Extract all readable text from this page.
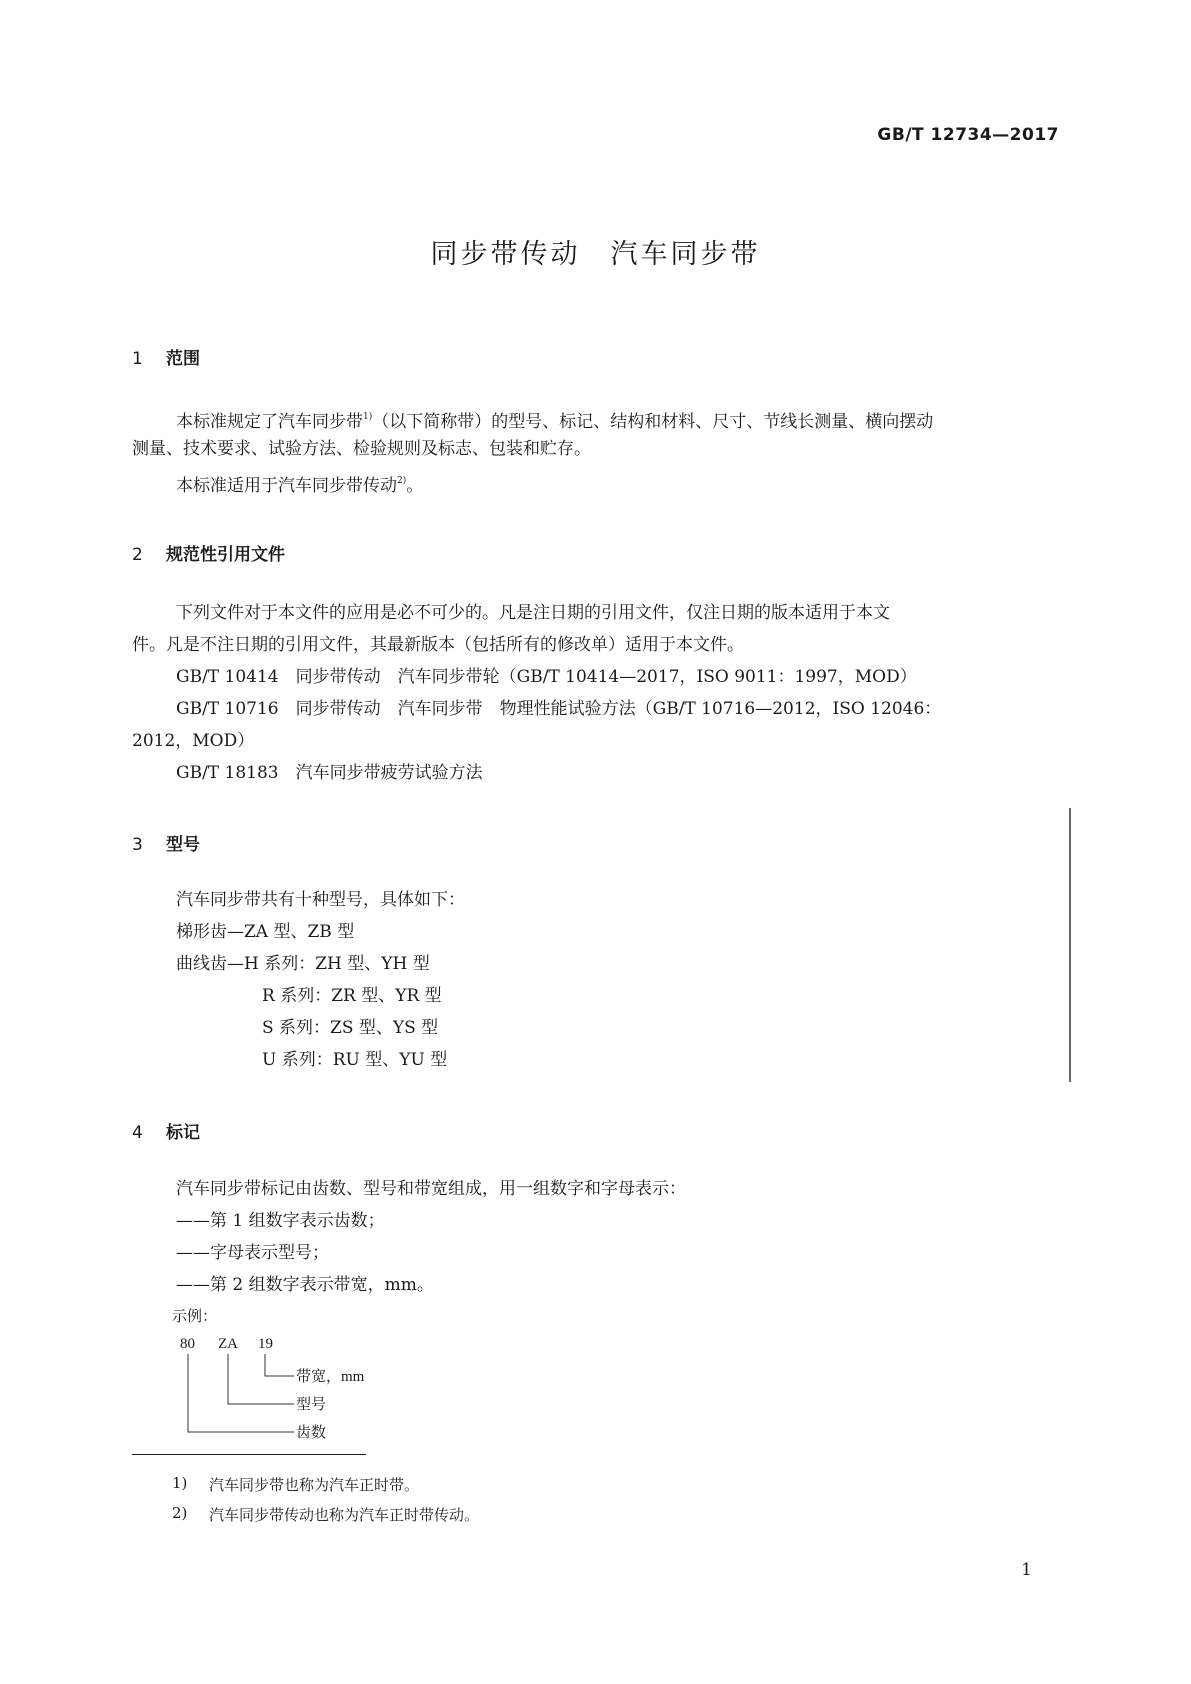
GB/T 12734—2017
同步带传动　汽车同步带
1 范围
本标准规定了汽车同步带$^{1)}$（以下简称带）的型号、标记、结构和材料、尺寸、节线长测量、横向摆动
测量、技术要求、试验方法、检验规则及标志、包装和贮存。
本标准适用于汽车同步带传动$^{2)}$。
2 规范性引用文件
下列文件对于本文件的应用是必不可少的。凡是注日期的引用文件，仅注日期的版本适用于本文
件。凡是不注日期的引用文件，其最新版本（包括所有的修改单）适用于本文件。
GB/T 10414　同步带传动　汽车同步带轮（GB/T 10414—2017，ISO 9011：1997，MOD）
GB/T 10716　同步带传动　汽车同步带　物理性能试验方法（GB/T 10716—2012，ISO 12046：
2012，MOD）
GB/T 18183　汽车同步带疲劳试验方法
3 型号
汽车同步带共有十种型号，具体如下：
梯形齿—ZA 型、ZB 型
曲线齿—H 系列：ZH 型、YH 型
R 系列：ZR 型、YR 型
S 系列：ZS 型、YS 型
U 系列：RU 型、YU 型
4 标记
汽车同步带标记由齿数、型号和带宽组成，用一组数字和字母表示：
——第 1 组数字表示齿数；
——字母表示型号；
——第 2 组数字表示带宽，mm。
示例：
80 ZA 19
带宽，mm
型号
齿数
1) 汽车同步带也称为汽车正时带。
2) 汽车同步带传动也称为汽车正时带传动。
1
